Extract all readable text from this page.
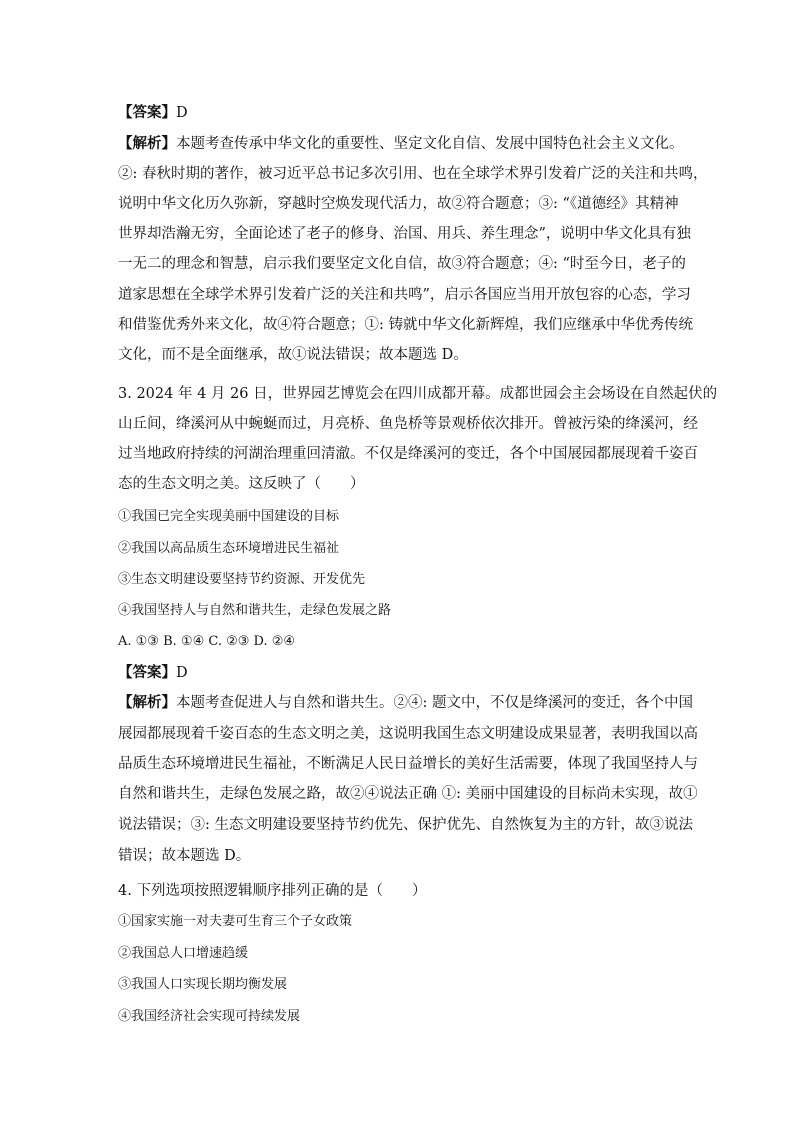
【答案】D
【解析】本题考查传承中华文化的重要性、坚定文化自信、发展中国特色社会主义文化。
②: 春秋时期的著作，被习近平总书记多次引用、也在全球学术界引发着广泛的关注和共鸣，
说明中华文化历久弥新，穿越时空焕发现代活力，故②符合题意；③: “《道德经》其精神
世界却浩瀚无穷，全面论述了老子的修身、治国、用兵、养生理念”，说明中华文化具有独
一无二的理念和智慧，启示我们要坚定文化自信，故③符合题意；④: “时至今日，老子的
道家思想在全球学术界引发着广泛的关注和共鸣”，启示各国应当用开放包容的心态，学习
和借鉴优秀外来文化，故④符合题意；①: 铸就中华文化新辉煌，我们应继承中华优秀传统
文化，而不是全面继承，故①说法错误；故本题选 D。
3. 2024 年 4 月 26 日，世界园艺博览会在四川成都开幕。成都世园会主会场设在自然起伏的
山丘间，绛溪河从中蜿蜒而过，月亮桥、鱼凫桥等景观桥依次排开。曾被污染的绛溪河，经
过当地政府持续的河湖治理重回清澈。不仅是绛溪河的变迁，各个中国展园都展现着千姿百
态的生态文明之美。这反映了（　　）
①我国已完全实现美丽中国建设的目标
②我国以高品质生态环境增进民生福祉
③生态文明建设要坚持节约资源、开发优先
④我国坚持人与自然和谐共生，走绿色发展之路
A. ①③ B. ①④ C. ②③ D. ②④
【答案】D
【解析】本题考查促进人与自然和谐共生。②④: 题文中，不仅是绛溪河的变迁，各个中国
展园都展现着千姿百态的生态文明之美，这说明我国生态文明建设成果显著，表明我国以高
品质生态环境增进民生福祉，不断满足人民日益增长的美好生活需要，体现了我国坚持人与
自然和谐共生，走绿色发展之路，故②④说法正确 ①: 美丽中国建设的目标尚未实现，故①
说法错误；③: 生态文明建设要坚持节约优先、保护优先、自然恢复为主的方针，故③说法
错误；故本题选 D。
4. 下列选项按照逻辑顺序排列正确的是（　　）
①国家实施一对夫妻可生育三个子女政策
②我国总人口增速趋缓
③我国人口实现长期均衡发展
④我国经济社会实现可持续发展
